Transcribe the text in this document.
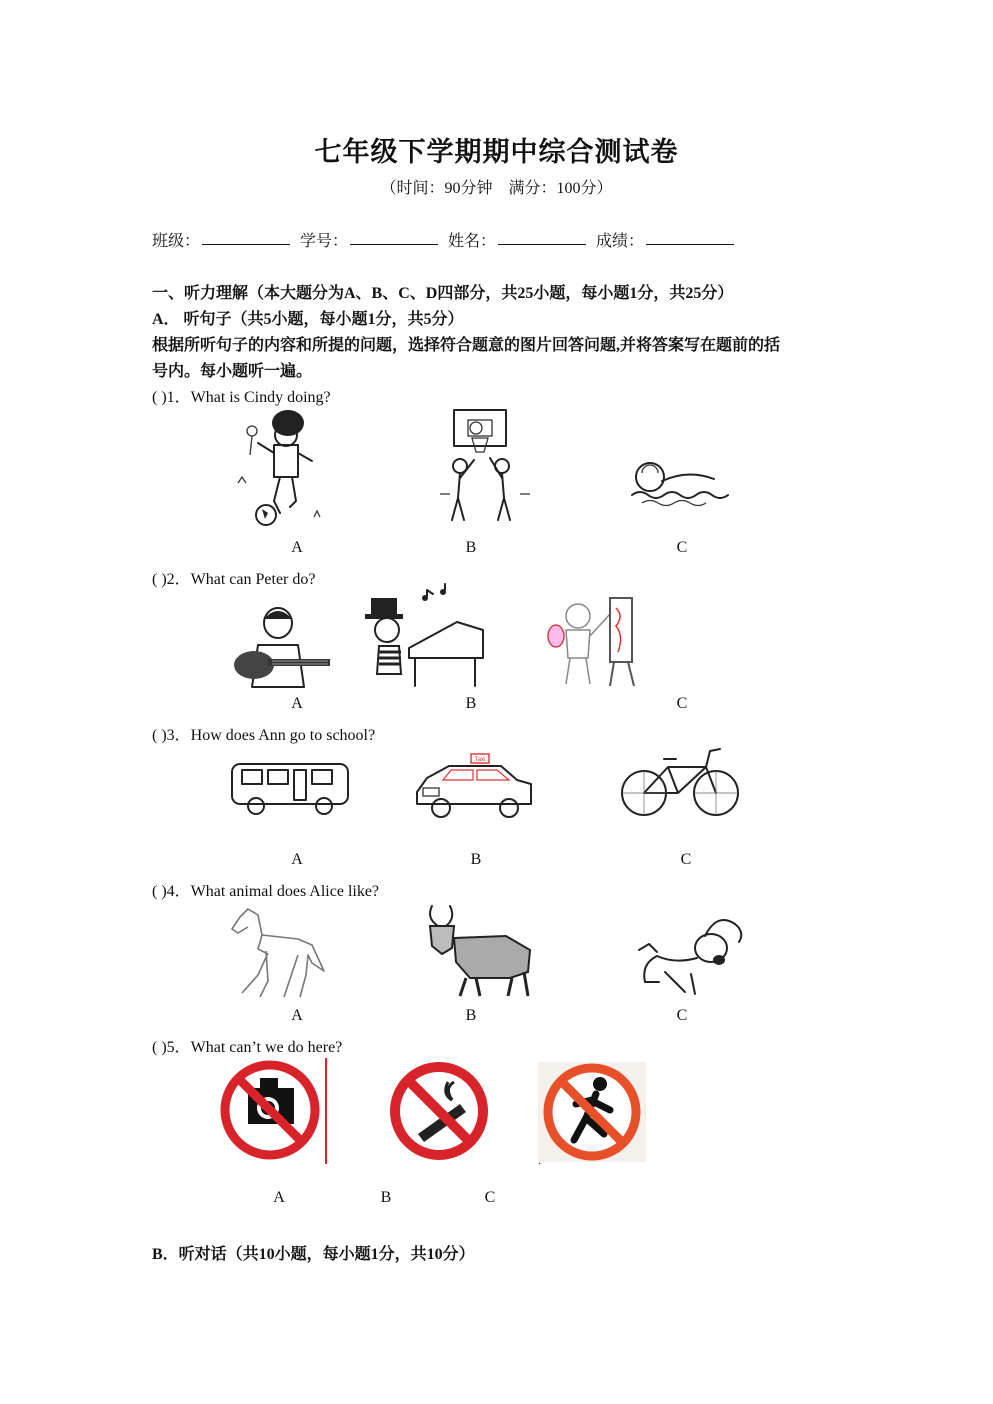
七年级下学期期中综合测试卷
（时间：90分钟　满分：100分）
班级：	学号：	姓名：	成绩：
一、听力理解（本大题分为A、B、C、D四部分，共25小题，每小题1分，共25分）
A． 听句子（共5小题，每小题1分，共5分）
根据所听句子的内容和所提的问题，选择符合题意的图片回答问题,并将答案写在题前的括
号内。每小题听一遍。
( )1．What is Cindy doing?
A	B	C
( )2．What can Peter do?
A	B	C
( )3．How does Ann go to school?
Taxi
A	B	C
( )4．What animal does Alice like?
A	B	C
( )5．What can’t we do here?
.
A	B	C
B．听对话（共10小题，每小题1分，共10分）
